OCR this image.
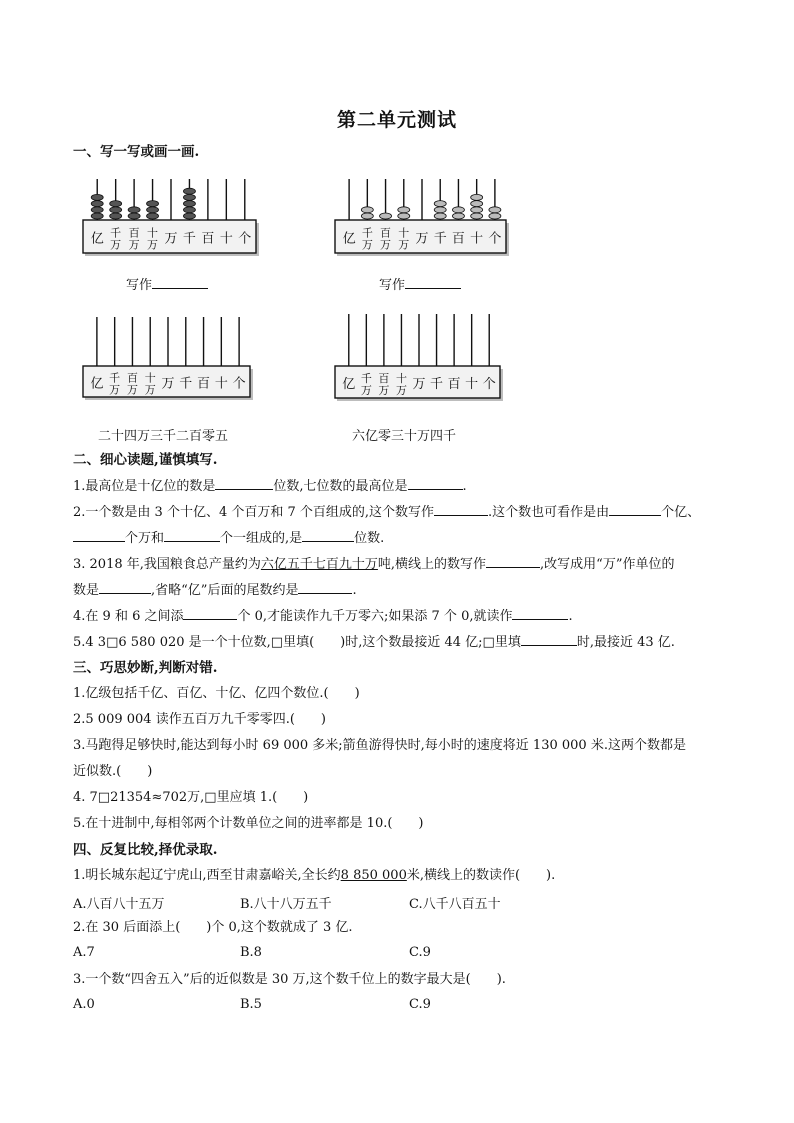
第二单元测试
一、写一写或画一画.
亿 千
万
百
万
十
万 万 千 百 十 个
写作
亿 千
万
百
万
十
万 万 千 百 十 个
写作
亿 千
万
百
万
十
万 万 千 百 十 个
二十四万三千二百零五
亿 千
万
百
万
十
万 万 千 百 十 个
六亿零三十万四千
二、细心读题,谨慎填写.
1.最高位是十亿位的数是	位数,七位数的最高位是	.
2.一个数是由 3 个十亿、4 个百万和 7 个百组成的,这个数写作	.这个数也可看作是由	个亿、
个万和	个一组成的,是	位数.
3. 2018 年,我国粮食总产量约为六亿五千七百九十万吨,横线上的数写作	,改写成用“万”作单位的
数是	,省略“亿”后面的尾数约是	.
4.在 9 和 6 之间添	个 0,才能读作九千万零六;如果添 7 个 0,就读作	.
5.4 3□6 580 020 是一个十位数,□里填(　　)时,这个数最接近 44 亿;□里填	时,最接近 43 亿.
三、巧思妙断,判断对错.
1.亿级包括千亿、百亿、十亿、亿四个数位.(　　)
2.5 009 004 读作五百万九千零零四.(　　)
3.马跑得足够快时,能达到每小时 69 000 多米;箭鱼游得快时,每小时的速度将近 130 000 米.这两个数都是
近似数.(　　)
4. 7□21354≈702万,□里应填 1.(　　)
5.在十进制中,每相邻两个计数单位之间的进率都是 10.(　　)
四、反复比较,择优录取.
1.明长城东起辽宁虎山,西至甘肃嘉峪关,全长约8 850 000米,横线上的数读作(　　).
A.八百八十五万	B.八十八万五千	C.八千八百五十
2.在 30 后面添上(　　)个 0,这个数就成了 3 亿.
A.7	B.8	C.9
3.一个数“四舍五入”后的近似数是 30 万,这个数千位上的数字最大是(　　).
A.0	B.5	C.9
